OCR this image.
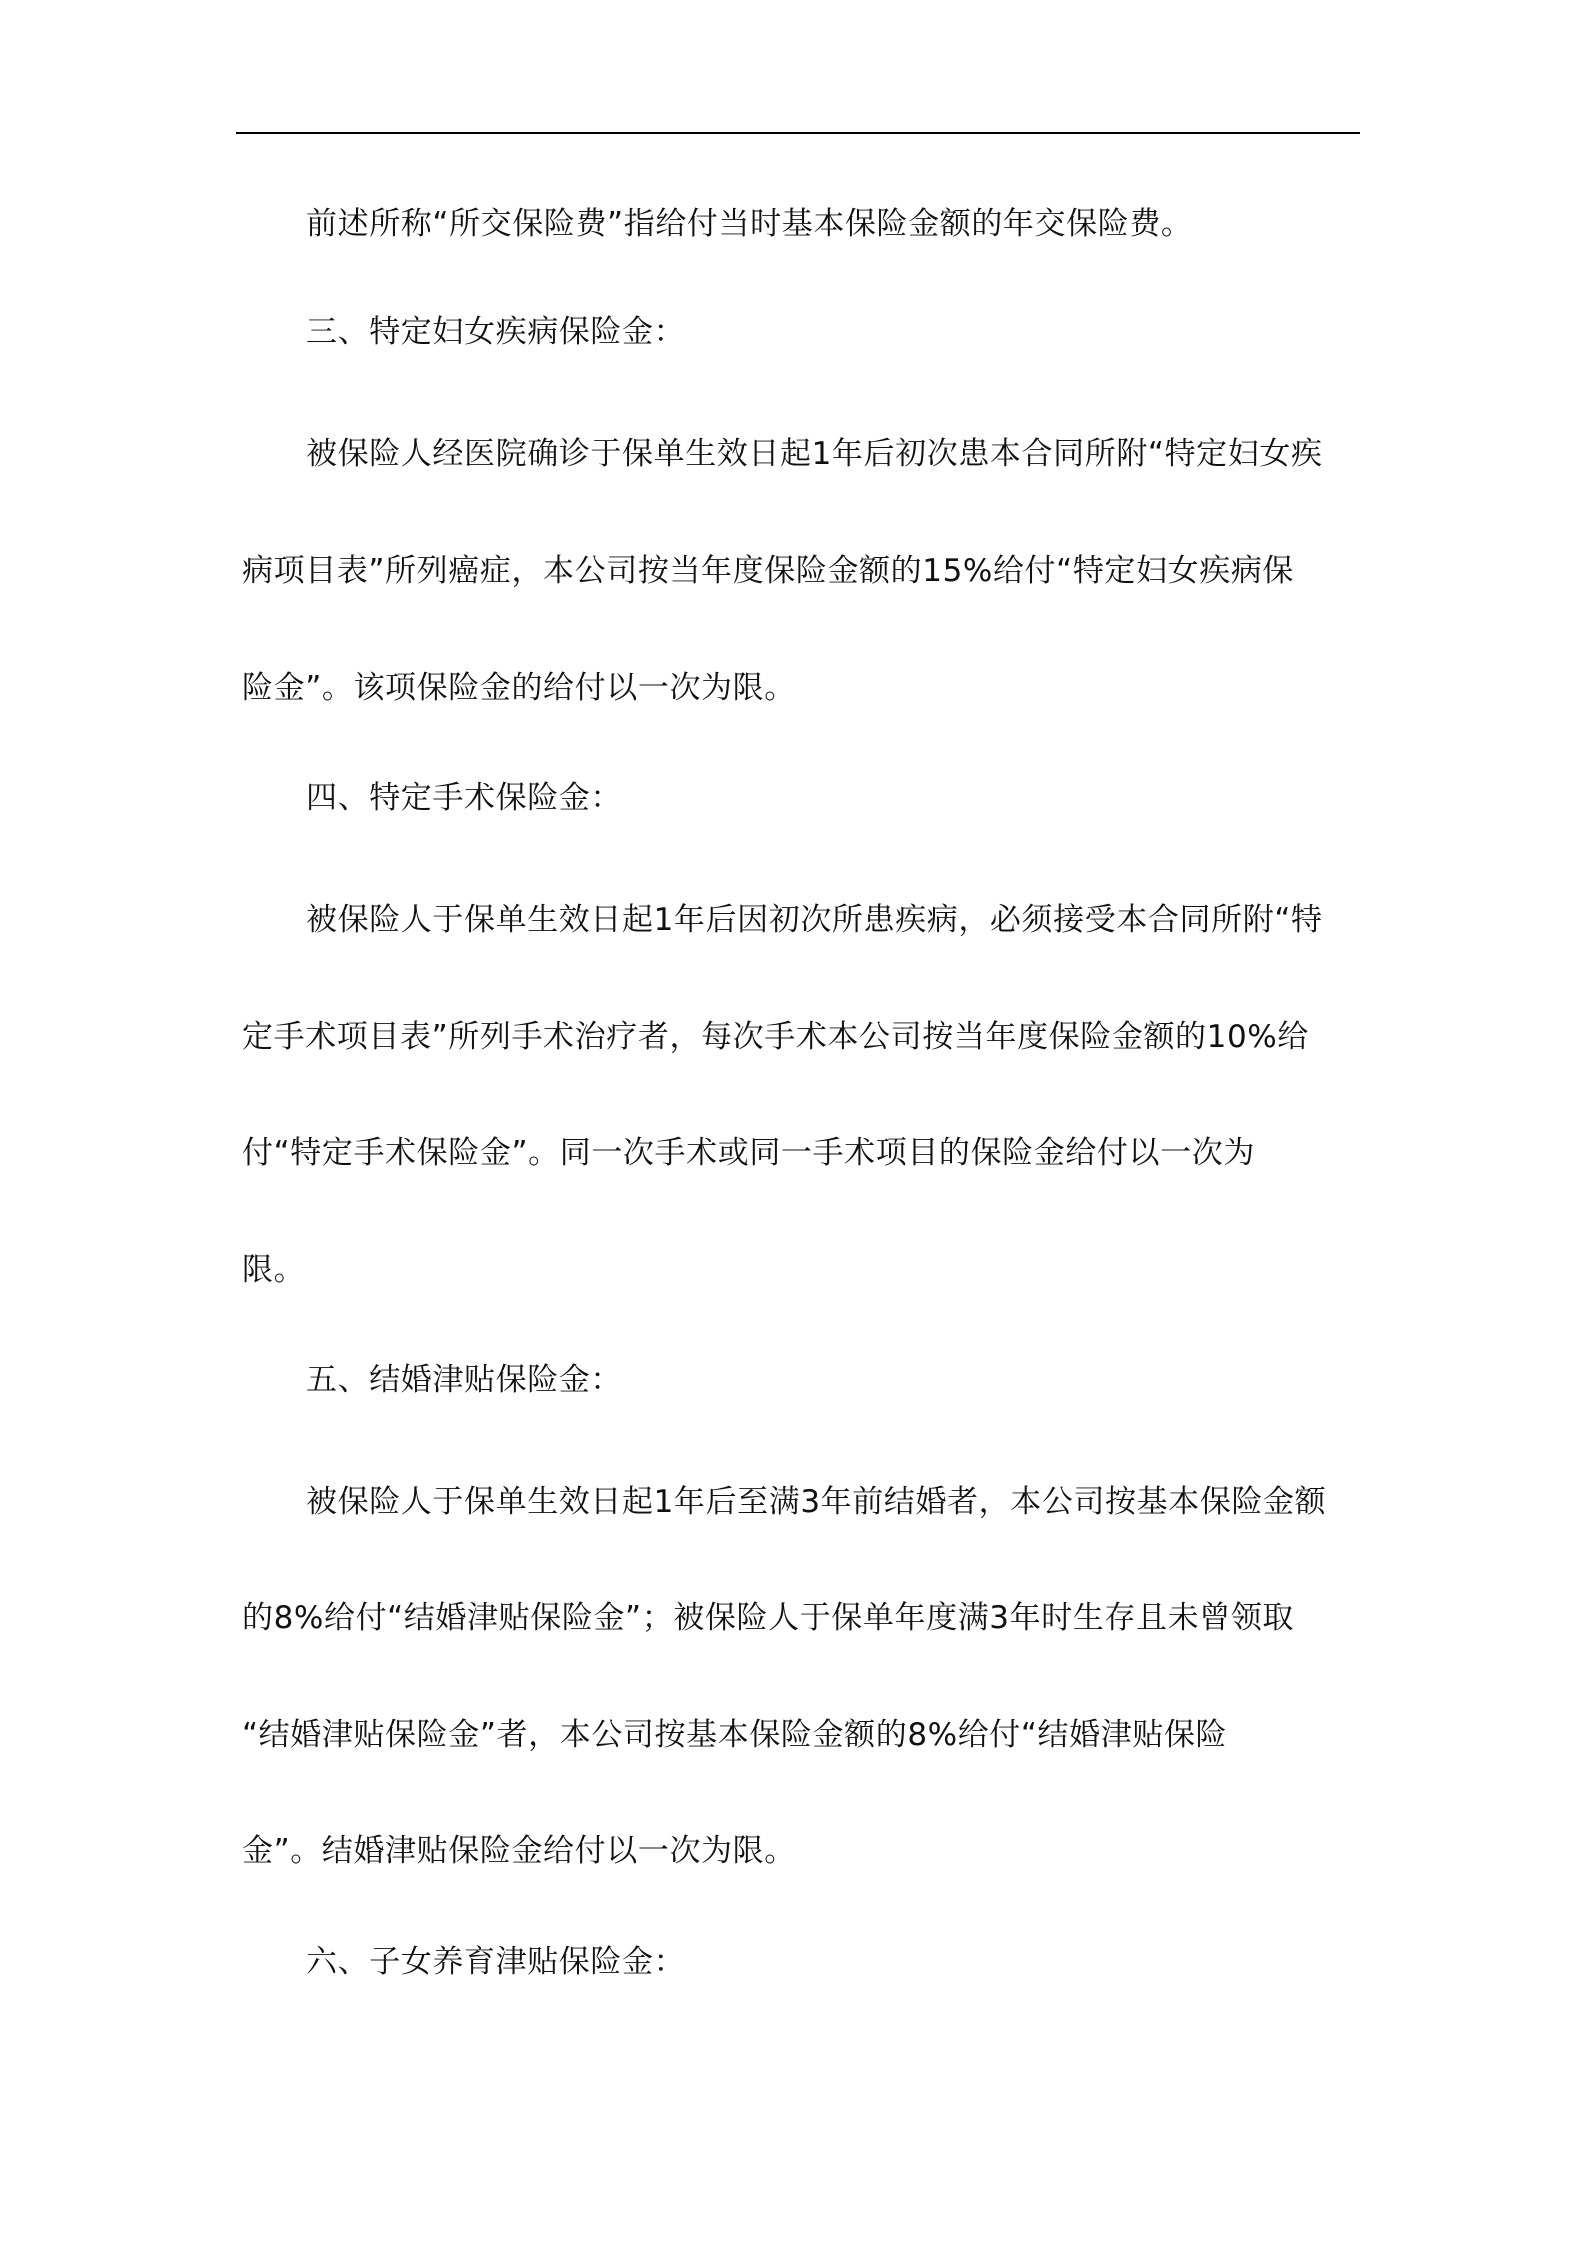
前述所称“所交保险费”指给付当时基本保险金额的年交保险费。
三、特定妇女疾病保险金：
被保险人经医院确诊于保单生效日起1年后初次患本合同所附“特定妇女疾
病项目表”所列癌症，本公司按当年度保险金额的15%给付“特定妇女疾病保
险金”。该项保险金的给付以一次为限。
四、特定手术保险金：
被保险人于保单生效日起1年后因初次所患疾病，必须接受本合同所附“特
定手术项目表”所列手术治疗者，每次手术本公司按当年度保险金额的10%给
付“特定手术保险金”。同一次手术或同一手术项目的保险金给付以一次为
限。
五、结婚津贴保险金：
被保险人于保单生效日起1年后至满3年前结婚者，本公司按基本保险金额
的8%给付“结婚津贴保险金”；被保险人于保单年度满3年时生存且未曾领取
“结婚津贴保险金”者，本公司按基本保险金额的8%给付“结婚津贴保险
金”。结婚津贴保险金给付以一次为限。
六、子女养育津贴保险金：
